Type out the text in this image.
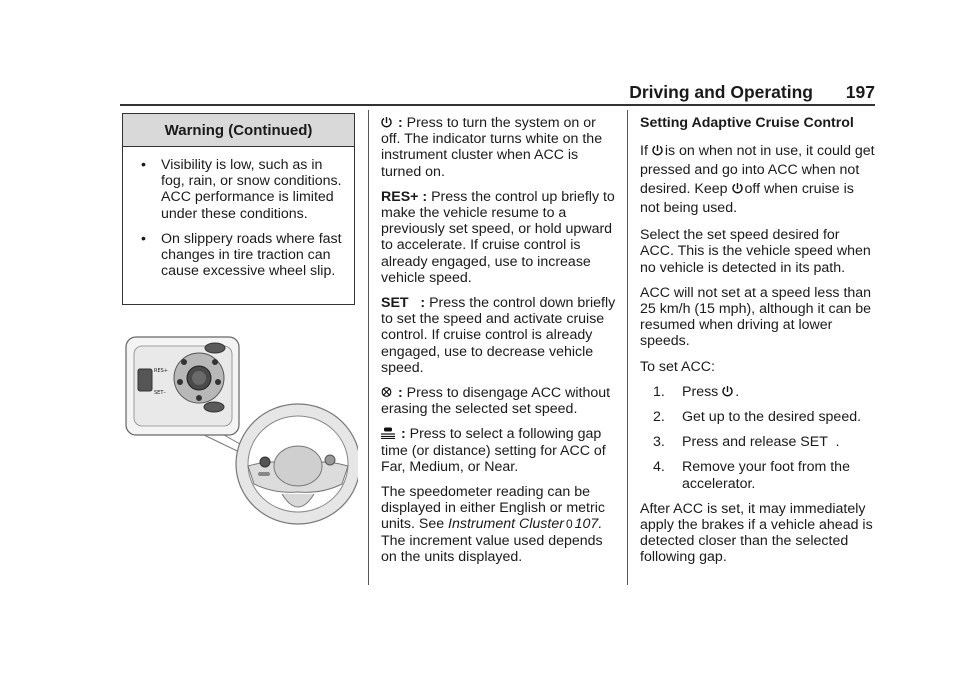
Driving and Operating 197
Warning (Continued)
• Visibility is low, such as in fog, rain, or snow conditions. ACC performance is limited under these conditions.
• On slippery roads where fast changes in tire traction can cause excessive wheel slip.
RES+
SET–

: Press to turn the system on or off. The indicator turns white on the instrument cluster when ACC is turned on.

RES+ : Press the control up briefly to make the vehicle resume to a previously set speed, or hold upward to accelerate. If cruise control is already engaged, use to increase vehicle speed.

SET   : Press the control down briefly to set the speed and activate cruise control. If cruise control is already engaged, use to decrease vehicle speed.

: Press to disengage ACC without erasing the selected set speed.

: Press to select a following gap time (or distance) setting for ACC of Far, Medium, or Near.

The speedometer reading can be displayed in either English or metric units. See Instrument Cluster 0 107. The increment value used depends on the units displayed.

Setting Adaptive Cruise Control

If
is on when not in use, it could get pressed and go into ACC when not desired. Keep
off when cruise is not being used.

Select the set speed desired for ACC. This is the vehicle speed when no vehicle is detected in its path.

ACC will not set at a speed less than 25 km/h (15 mph), although it can be resumed when driving at lower speeds.

To set ACC:

1. Press
.
2. Get up to the desired speed.
3. Press and release SET  .
4. Remove your foot from the accelerator.

After ACC is set, it may immediately apply the brakes if a vehicle ahead is detected closer than the selected following gap.
